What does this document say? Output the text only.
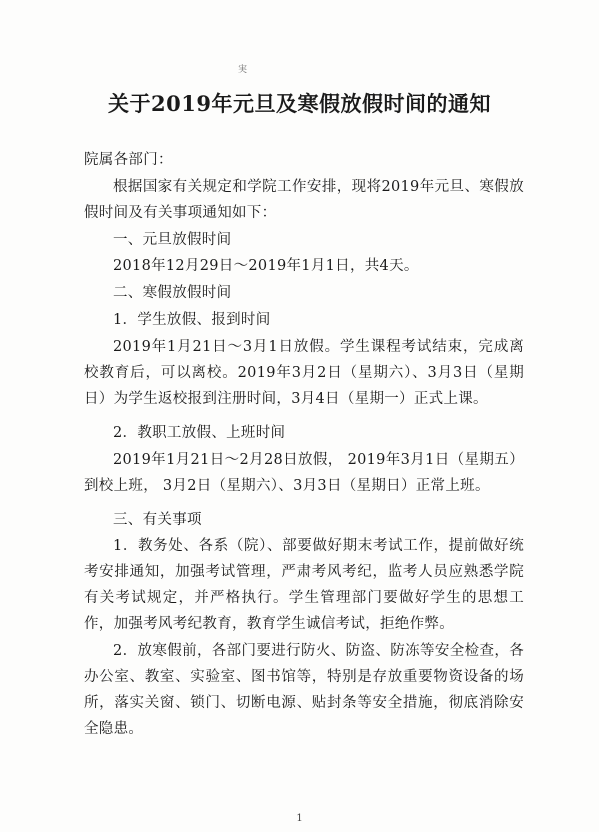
実
关于2019年元旦及寒假放假时间的通知

院属各部门：

根据国家有关规定和学院工作安排，现将2019年元旦、寒假放假时间及有关事项通知如下：

一、元旦放假时间

2018年12月29日～2019年1月1日，共4天。

二、寒假放假时间

1．学生放假、报到时间

2019年1月21日～3月1日放假。学生课程考试结束，完成离校教育后，可以离校。2019年3月2日（星期六）、3月3日（星期日）为学生返校报到注册时间，3月4日（星期一）正式上课。

2．教职工放假、上班时间

2019年1月21日～2月28日放假， 2019年3月1日（星期五）到校上班， 3月2日（星期六）、3月3日（星期日）正常上班。

三、有关事项

1．教务处、各系（院）、部要做好期末考试工作，提前做好统考安排通知，加强考试管理，严肃考风考纪，监考人员应熟悉学院有关考试规定，并严格执行。学生管理部门要做好学生的思想工作，加强考风考纪教育，教育学生诚信考试，拒绝作弊。

2．放寒假前，各部门要进行防火、防盗、防冻等安全检查，各办公室、教室、实验室、图书馆等，特别是存放重要物资设备的场所，落实关窗、锁门、切断电源、贴封条等安全措施，彻底消除安全隐患。

1
